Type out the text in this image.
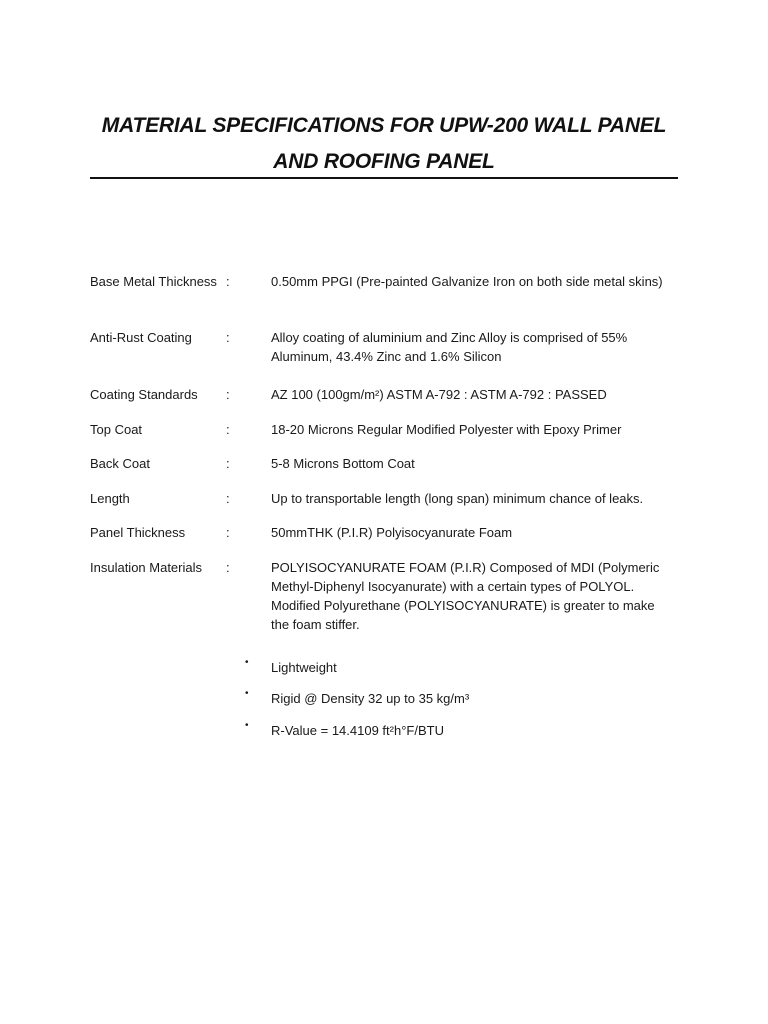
MATERIAL SPECIFICATIONS FOR UPW-200 WALL PANEL
AND ROOFING PANEL
Base Metal Thickness :	0.50mm PPGI (Pre-painted Galvanize Iron on both side metal skins)
Anti-Rust Coating	:	Alloy coating of aluminium and Zinc Alloy is comprised of 55% Aluminum, 43.4% Zinc and 1.6% Silicon
Coating Standards :	AZ 100 (100gm/m²) ASTM A-792 : ASTM A-792 : PASSED
Top Coat	:	18-20 Microns Regular Modified Polyester with Epoxy Primer
Back Coat	:	5-8 Microns Bottom Coat
Length	:	Up to transportable length (long span) minimum chance of leaks.
Panel Thickness	:	50mmTHK (P.I.R) Polyisocyanurate Foam
Insulation Materials :	POLYISOCYANURATE FOAM (P.I.R) Composed of MDI (Polymeric Methyl-Diphenyl Isocyanurate) with a certain types of POLYOL. Modified Polyurethane (POLYISOCYANURATE) is greater to make the foam stiffer.
• Lightweight
• Rigid @ Density 32 up to 35 kg/m³
• R-Value = 14.4109 ft²h°F/BTU
